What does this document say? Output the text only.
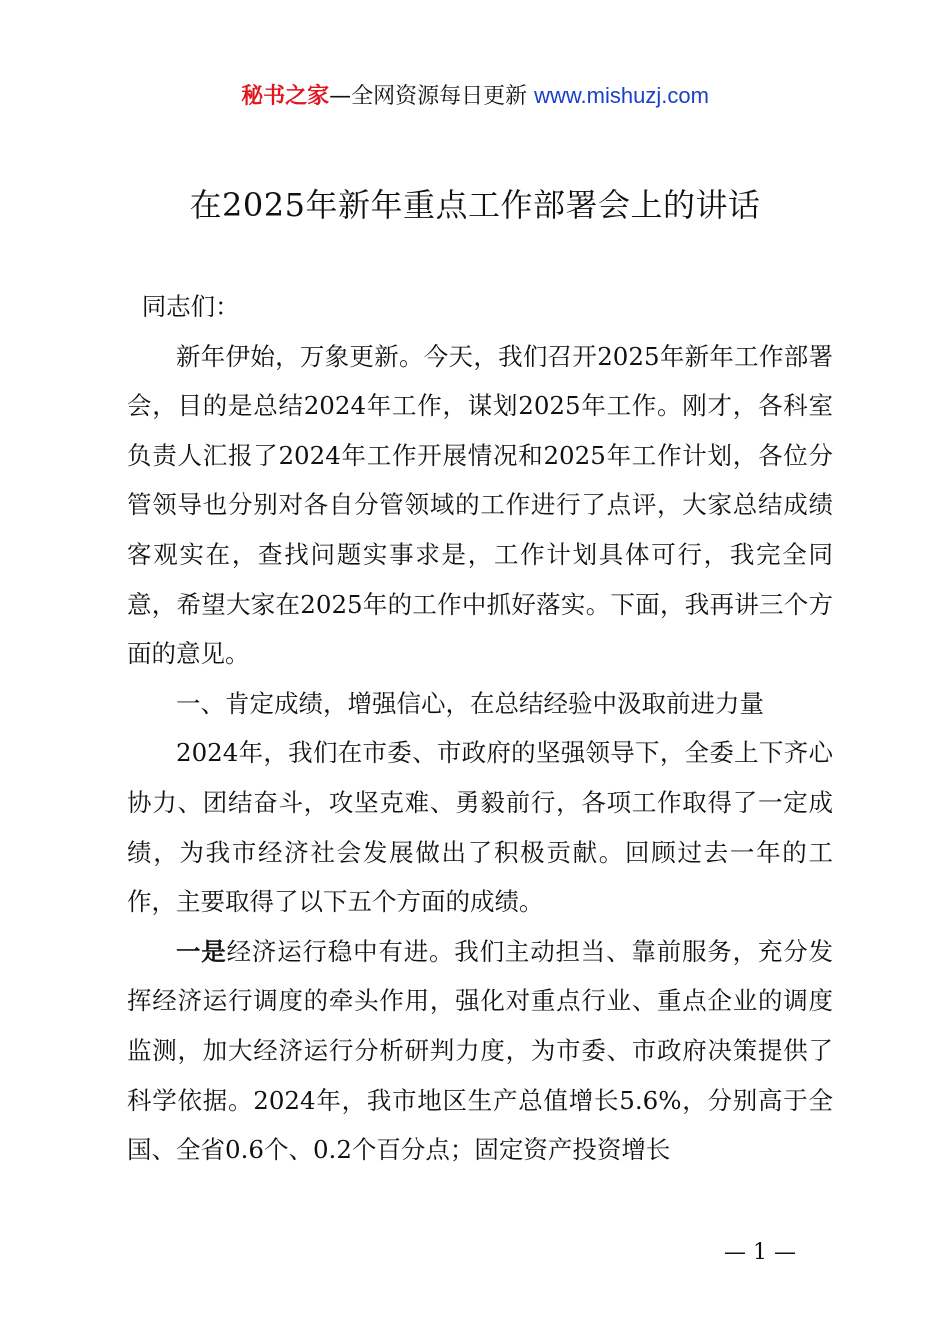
秘书之家—全网资源每日更新 www.mishuzj.com
在2025年新年重点工作部署会上的讲话

同志们：

新年伊始，万象更新。今天，我们召开2025年新年工作部署会，目的是总结2024年工作，谋划2025年工作。刚才，各科室负责人汇报了2024年工作开展情况和2025年工作计划，各位分管领导也分别对各自分管领域的工作进行了点评，大家总结成绩客观实在，查找问题实事求是，工作计划具体可行，我完全同意，希望大家在2025年的工作中抓好落实。下面，我再讲三个方面的意见。

一、肯定成绩，增强信心，在总结经验中汲取前进力量

2024年，我们在市委、市政府的坚强领导下，全委上下齐心协力、团结奋斗，攻坚克难、勇毅前行，各项工作取得了一定成绩，为我市经济社会发展做出了积极贡献。回顾过去一年的工作，主要取得了以下五个方面的成绩。

一是经济运行稳中有进。我们主动担当、靠前服务，充分发挥经济运行调度的牵头作用，强化对重点行业、重点企业的调度监测，加大经济运行分析研判力度，为市委、市政府决策提供了科学依据。2024年，我市地区生产总值增长5.6%，分别高于全国、全省0.6个、0.2个百分点；固定资产投资增长

— 1 —
